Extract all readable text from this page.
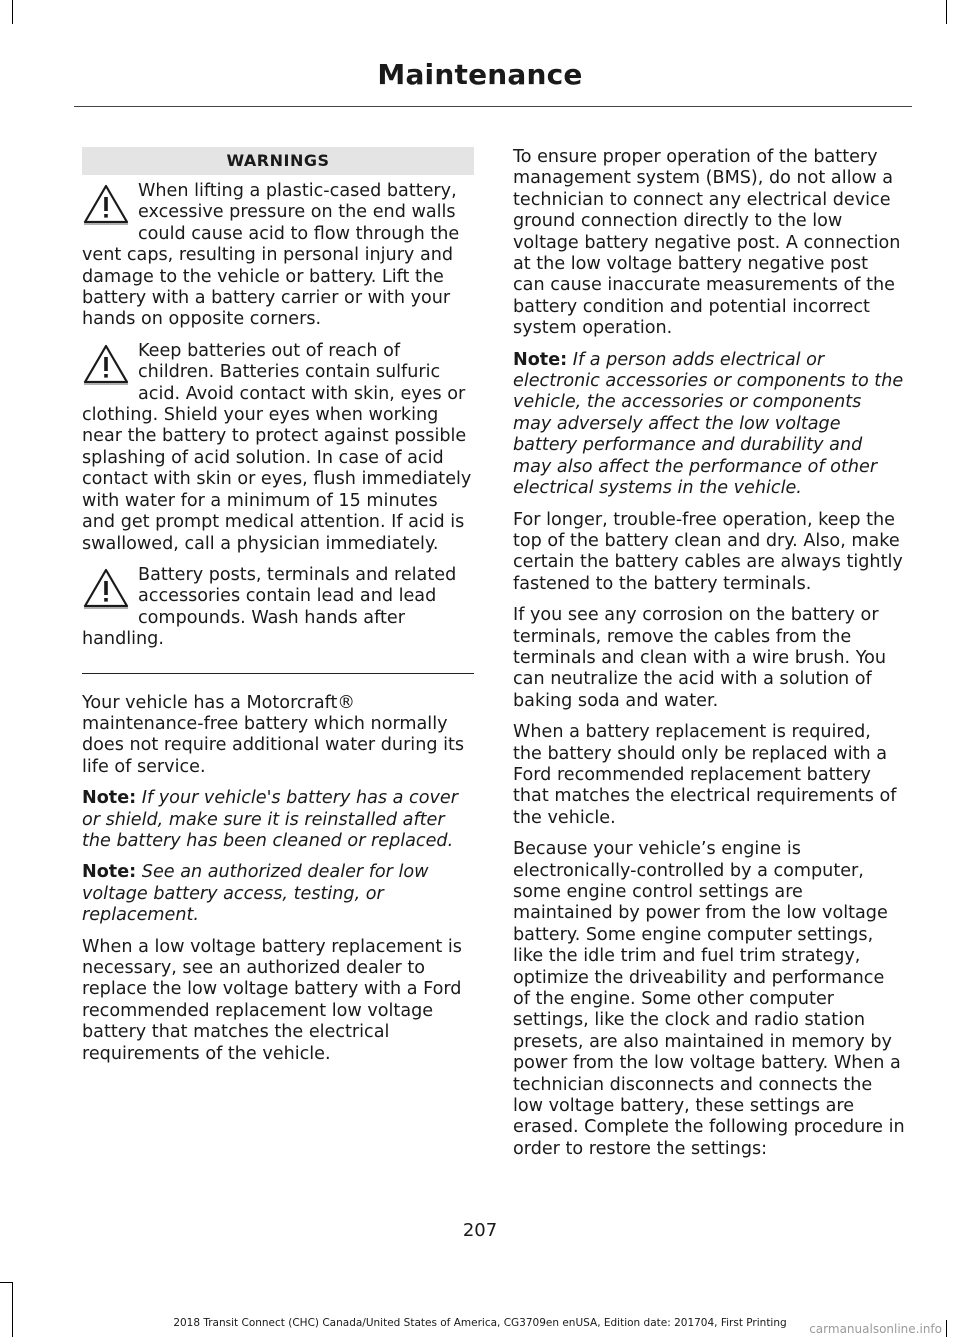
Maintenance
WARNINGS
When lifting a plastic-cased battery, excessive pressure on the end walls could cause acid to flow through the vent caps, resulting in personal injury and damage to the vehicle or battery. Lift the battery with a battery carrier or with your hands on opposite corners.
Keep batteries out of reach of children. Batteries contain sulfuric acid. Avoid contact with skin, eyes or clothing. Shield your eyes when working near the battery to protect against possible splashing of acid solution. In case of acid contact with skin or eyes, flush immediately with water for a minimum of 15 minutes and get prompt medical attention. If acid is swallowed, call a physician immediately.
Battery posts, terminals and related accessories contain lead and lead compounds. Wash hands after handling.

Your vehicle has a Motorcraft® maintenance-free battery which normally does not require additional water during its life of service.

Note: If your vehicle's battery has a cover or shield, make sure it is reinstalled after the battery has been cleaned or replaced.

Note: See an authorized dealer for low voltage battery access, testing, or replacement.

When a low voltage battery replacement is necessary, see an authorized dealer to replace the low voltage battery with a Ford recommended replacement low voltage battery that matches the electrical requirements of the vehicle.

To ensure proper operation of the battery management system (BMS), do not allow a technician to connect any electrical device ground connection directly to the low voltage battery negative post. A connection at the low voltage battery negative post can cause inaccurate measurements of the battery condition and potential incorrect system operation.

Note: If a person adds electrical or electronic accessories or components to the vehicle, the accessories or components may adversely affect the low voltage battery performance and durability and may also affect the performance of other electrical systems in the vehicle.

For longer, trouble-free operation, keep the top of the battery clean and dry. Also, make certain the battery cables are always tightly fastened to the battery terminals.

If you see any corrosion on the battery or terminals, remove the cables from the terminals and clean with a wire brush. You can neutralize the acid with a solution of baking soda and water.

When a battery replacement is required, the battery should only be replaced with a Ford recommended replacement battery that matches the electrical requirements of the vehicle.

Because your vehicle’s engine is electronically-controlled by a computer, some engine control settings are maintained by power from the low voltage battery. Some engine computer settings, like the idle trim and fuel trim strategy, optimize the driveability and performance of the engine. Some other computer settings, like the clock and radio station presets, are also maintained in memory by power from the low voltage battery. When a technician disconnects and connects the low voltage battery, these settings are erased. Complete the following procedure in order to restore the settings:

207
2018 Transit Connect (CHC) Canada/United States of America, CG3709en enUSA, Edition date: 201704, First Printing	carmanualsonline.info
